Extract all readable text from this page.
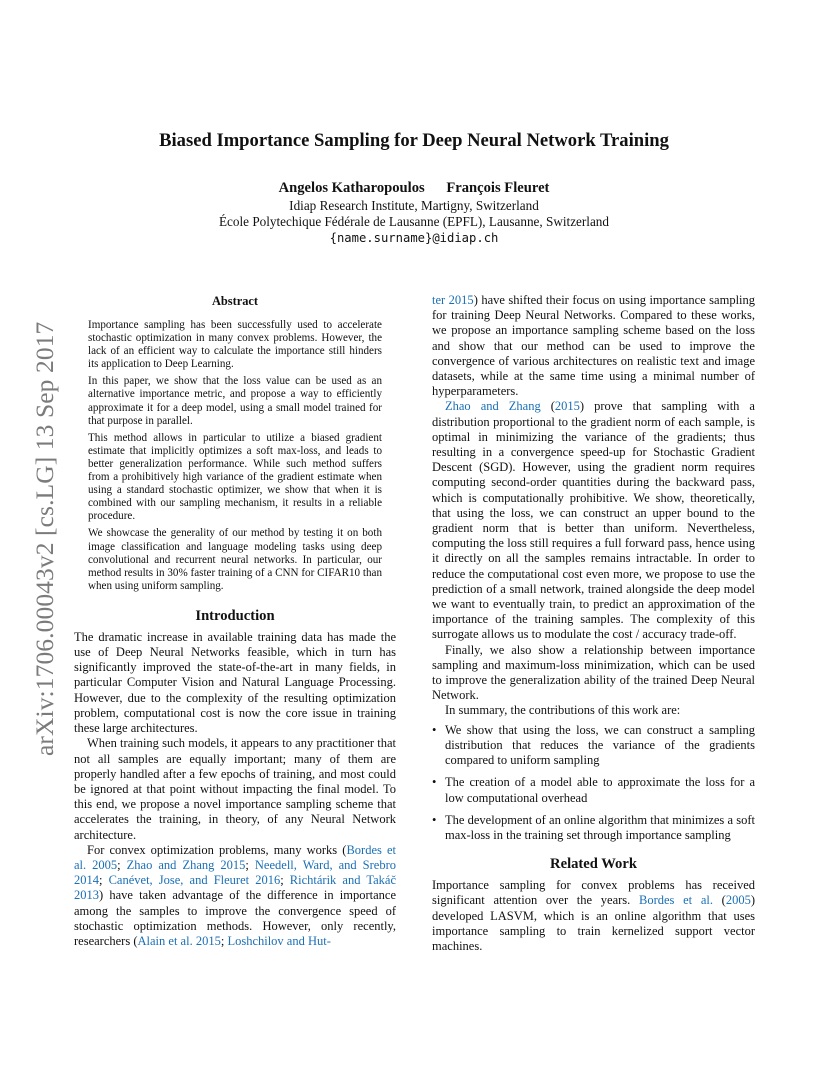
arXiv:1706.00043v2 [cs.LG] 13 Sep 2017
Biased Importance Sampling for Deep Neural Network Training
Angelos Katharopoulos François Fleuret
Idiap Research Institute, Martigny, Switzerland
École Polytechique Fédérale de Lausanne (EPFL), Lausanne, Switzerland
{name.surname}@idiap.ch
Abstract

Importance sampling has been successfully used to accelerate stochastic optimization in many convex problems. However, the lack of an efficient way to calculate the importance still hinders its application to Deep Learning.

In this paper, we show that the loss value can be used as an alternative importance metric, and propose a way to efficiently approximate it for a deep model, using a small model trained for that purpose in parallel.

This method allows in particular to utilize a biased gradient estimate that implicitly optimizes a soft max-loss, and leads to better generalization performance. While such method suffers from a prohibitively high variance of the gradient estimate when using a standard stochastic optimizer, we show that when it is combined with our sampling mechanism, it results in a reliable procedure.

We showcase the generality of our method by testing it on both image classification and language modeling tasks using deep convolutional and recurrent neural networks. In particular, our method results in 30% faster training of a CNN for CIFAR10 than when using uniform sampling.

Introduction

The dramatic increase in available training data has made the use of Deep Neural Networks feasible, which in turn has significantly improved the state-of-the-art in many fields, in particular Computer Vision and Natural Language Processing. However, due to the complexity of the resulting optimization problem, computational cost is now the core issue in training these large architectures.

When training such models, it appears to any practitioner that not all samples are equally important; many of them are properly handled after a few epochs of training, and most could be ignored at that point without impacting the final model. To this end, we propose a novel importance sampling scheme that accelerates the training, in theory, of any Neural Network architecture.

For convex optimization problems, many works (Bordes et al. 2005; Zhao and Zhang 2015; Needell, Ward, and Srebro 2014; Canévet, Jose, and Fleuret 2016; Richtárik and Takáč 2013) have taken advantage of the difference in importance among the samples to improve the convergence speed of stochastic optimization methods. However, only recently, researchers (Alain et al. 2015; Loshchilov and Hut-

ter 2015) have shifted their focus on using importance sampling for training Deep Neural Networks. Compared to these works, we propose an importance sampling scheme based on the loss and show that our method can be used to improve the convergence of various architectures on realistic text and image datasets, while at the same time using a minimal number of hyperparameters.

Zhao and Zhang (2015) prove that sampling with a distribution proportional to the gradient norm of each sample, is optimal in minimizing the variance of the gradients; thus resulting in a convergence speed-up for Stochastic Gradient Descent (SGD). However, using the gradient norm requires computing second-order quantities during the backward pass, which is computationally prohibitive. We show, theoretically, that using the loss, we can construct an upper bound to the gradient norm that is better than uniform. Nevertheless, computing the loss still requires a full forward pass, hence using it directly on all the samples remains intractable. In order to reduce the computational cost even more, we propose to use the prediction of a small network, trained alongside the deep model we want to eventually train, to predict an approximation of the importance of the training samples. The complexity of this surrogate allows us to modulate the cost / accuracy trade-off.

Finally, we also show a relationship between importance sampling and maximum-loss minimization, which can be used to improve the generalization ability of the trained Deep Neural Network.

In summary, the contributions of this work are:

• We show that using the loss, we can construct a sampling distribution that reduces the variance of the gradients compared to uniform sampling
• The creation of a model able to approximate the loss for a low computational overhead
• The development of an online algorithm that minimizes a soft max-loss in the training set through importance sampling
Related Work

Importance sampling for convex problems has received significant attention over the years. Bordes et al. (2005) developed LASVM, which is an online algorithm that uses importance sampling to train kernelized support vector machines.
